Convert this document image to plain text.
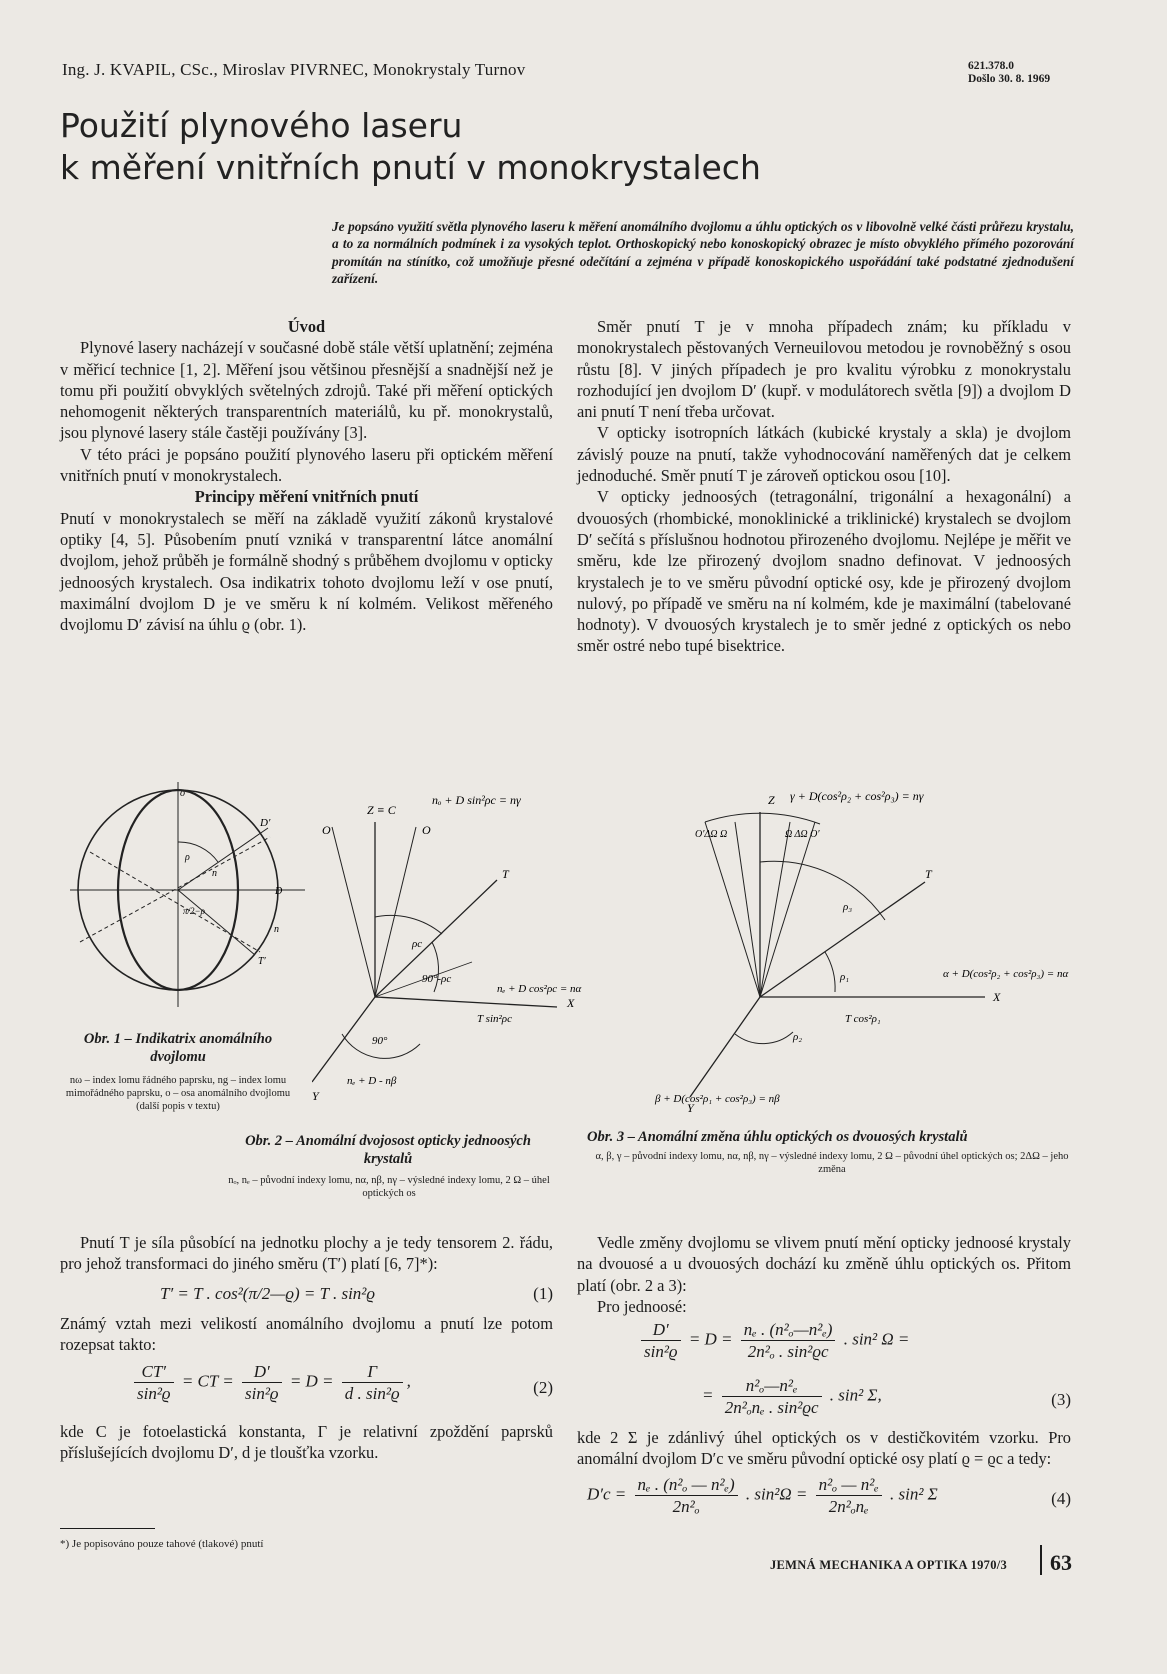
Ing. J. KVAPIL, CSc., Miroslav PIVRNEC, Monokrystaly Turnov	621.378.0
Došlo 30. 8. 1969
Použití plynového laseru
k měření vnitřních pnutí v monokrystalech
Je popsáno využití světla plynového laseru k měření anomálního dvojlomu a úhlu optických os v libovolně velké části průřezu krystalu, a to za normálních podmínek i za vysokých teplot. Orthoskopický nebo konoskopický obrazec je místo obvyklého přímého pozorování promítán na stínítko, což umožňuje přesné odečítání a zejména v případě konoskopického uspořádání také podstatné zjednodušení zařízení.
Úvod

Plynové lasery nacházejí v současné době stále větší uplatnění; zejména v měřicí technice [1, 2]. Měření jsou většinou přesnější a snadnější než je tomu při použití obvyklých světelných zdrojů. Také při měření optických nehomogenit některých transparentních materiálů, ku př. monokrystalů, jsou plynové lasery stále častěji používány [3].

V této práci je popsáno použití plynového laseru při optickém měření vnitřních pnutí v monokrystalech.

Principy měření vnitřních pnutí

Pnutí v monokrystalech se měří na základě využití zákonů krystalové optiky [4, 5]. Působením pnutí vzniká v transparentní látce anomální dvojlom, jehož průběh je formálně shodný s průběhem dvojlomu v opticky jednoosých krystalech. Osa indikatrix tohoto dvojlomu leží v ose pnutí, maximální dvojlom D je ve směru k ní kolmém. Velikost měřeného dvojlomu D′ závisí na úhlu ϱ (obr. 1).

Směr pnutí T je v mnoha případech znám; ku příkladu v monokrystalech pěstovaných Verneuilovou metodou je rovnoběžný s osou růstu [8]. V jiných případech je pro kvalitu výrobku z monokrystalu rozhodující jen dvojlom D′ (kupř. v modulátorech světla [9]) a dvojlom D ani pnutí T není třeba určovat.

V opticky isotropních látkách (kubické krystaly a skla) je dvojlom závislý pouze na pnutí, takže vyhodnocování naměřených dat je celkem jednoduché. Směr pnutí T je zároveň optickou osou [10].

V opticky jednoosých (tetragonální, trigonální a hexagonální) a dvouosých (rhombické, monoklinické a triklinické) krystalech se dvojlom D′ sečítá s příslušnou hodnotou přirozeného dvojlomu. Nejlépe je měřit ve směru, kde lze přirozený dvojlom snadno definovat. V jednoosých krystalech je to ve směru původní optické osy, kde je přirozený dvojlom nulový, po případě ve směru na ní kolmém, kde je maximální (tabelované hodnoty). V dvouosých krystalech je to směr jedné z optických os nebo směr ostré nebo tupé bisektrice.

o
D′
n
D
n
T′
ρ
π/2−ρ
Obr. 1 – Indikatrix anomálního dvojlomu
nω – index lomu řádného paprsku, ng – index lomu mimořádného paprsku, o – osa anomálního dvojlomu (další popis v textu)
Z ≡ C
O	O
T
X
Y
nₒ + D sin²ρc = nγ
ρc
90°-ρc
90°
nₑ + D cos²ρc = nα
T sin²ρc
nₑ + D - nβ
Obr. 2 – Anomální dvojosost opticky jednoosých krystalů
nₒ, nₑ – původní indexy lomu, nα, nβ, nγ – výsledné indexy lomu, 2 Ω – úhel optických os
Z γ + D(cos²ρ₂ + cos²ρ₃) = nγ
T
X
Y
ρ₁
ρ₃
ρ₂
T cos²ρ₁
α + D(cos²ρ₂ + cos²ρ₃) = nα
β + D(cos²ρ₁ + cos²ρ₃) = nβ
O′ΔΩ Ω	Ω ΔΩ O′
Obr. 3 – Anomální změna úhlu optických os dvouosých krystalů
α, β, γ – původní indexy lomu, nα, nβ, nγ – výsledné indexy lomu, 2 Ω – původní úhel optických os; 2ΔΩ – jeho změna

Pnutí T je síla působící na jednotku plochy a je tedy tensorem 2. řádu, pro jehož transformaci do jiného směru (T′) platí [6, 7]*):

T′ = T . cos²(π/2—ϱ) = T . sin²ϱ	(1)

Známý vztah mezi velikostí anomálního dvojlomu a pnutí lze potom rozepsat takto:

$\frac{CT'}{\text{sin²ϱ}}$ = CT = $\frac{D'}{\text{sin²ϱ}} = D = \frac{\Gamma}{\text{d . sin²ϱ}}$ ,	(2)

kde C je fotoelastická konstanta, Γ je relativní zpoždění paprsků příslušejících dvojlomu D′, d je tloušťka vzorku.

Vedle změny dvojlomu se vlivem pnutí mění opticky jednoosé krystaly na dvouosé a u dvouosých dochází ku změně úhlu optických os. Přitom platí (obr. 2 a 3):

Pro jednoosé:

$\frac{D'}{\text{sin²ϱ}} = D = \frac{\text{nₑ . (n²ₒ—n²ₑ)}}{\text{2n²ₒ . sin²ϱc}}$ . sin² Ω =
= $\frac{\text{n²ₒ—n²ₑ}}{\text{2n²ₒnₑ . sin²ϱc}}$ . sin² Σ,	(3)

kde 2 Σ je zdánlivý úhel optických os v destičkovitém vzorku. Pro anomální dvojlom D′c ve směru původní optické osy platí ϱ = ϱc a tedy:

$D'c = \frac{\text{nₑ . (n²ₒ — n²ₑ)}}{\text{2n²ₒ}}$ . $\sin^2\Omega = \frac{\text{n²ₒ — n²ₑ}}{\text{2n²ₒnₑ}}$ . sin² Σ	(4)
*) Je popisováno pouze tahové (tlakové) pnutí
JEMNÁ MECHANIKA A OPTIKA 1970/3 63
